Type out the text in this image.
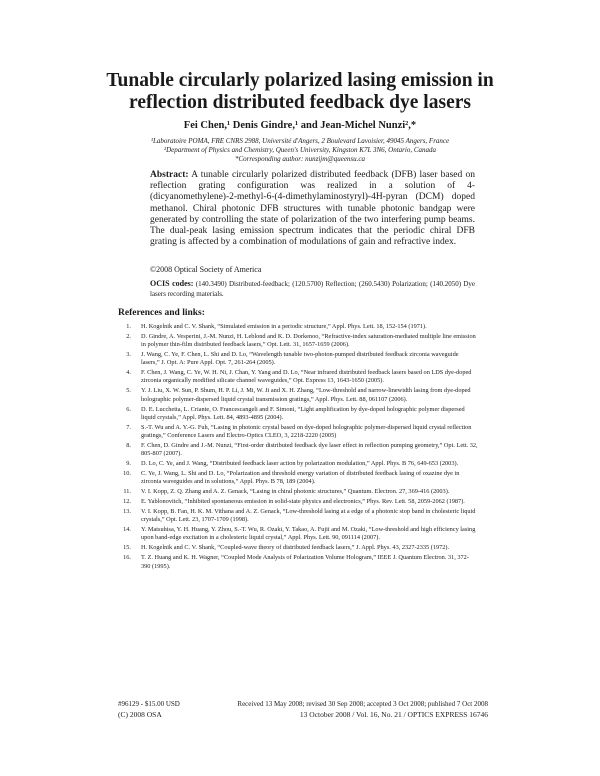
Tunable circularly polarized lasing emission in
reflection distributed feedback dye lasers
Fei Chen,¹ Denis Gindre,¹ and Jean-Michel Nunzi²,*
¹Laboratoire POMA, FRE CNRS 2988, Université d'Angers, 2 Boulevard Lavoisier, 49045 Angers, France
²Department of Physics and Chemistry, Queen's University, Kingston K7L 3N6, Ontario, Canada
*Corresponding author: nunzijm@queensu.ca
Abstract: A tunable circularly polarized distributed feedback (DFB) laser based on reflection grating configuration was realized in a solution of 4-(dicyanomethylene)-2-methyl-6-(4-dimethylaminostyryl)-4H-pyran (DCM) doped methanol. Chiral photonic DFB structures with tunable photonic bandgap were generated by controlling the state of polarization of the two interfering pump beams. The dual-peak lasing emission spectrum indicates that the periodic chiral DFB grating is affected by a combination of modulations of gain and refractive index.
©2008 Optical Society of America
OCIS codes: (140.3490) Distributed-feedback; (120.5700) Reflection; (260.5430) Polarization; (140.2050) Dye lasers recording materials.
References and links:
1.	H. Kogelnik and C. V. Shank, “Simulated emission in a periodic structure,” Appl. Phys. Lett. 18, 152-154 (1971).
2.	D. Gindre, A. Vesperini, J.-M. Nunzi, H. Leblond and K. D. Dorkenoo, “Refractive-index saturation-mediated multiple line emission in polymer thin-film distributed feedback lasers,” Opt. Lett. 31, 1657-1659 (2006).
3.	J. Wang, C. Ye, F. Chen, L. Shi and D. Lo, “Wavelength tunable two-photon-pumped distributed feedback zirconia waveguide lasers,” J. Opt. A: Pure Appl. Opt. 7, 261-264 (2005).
4.	F. Chen, J. Wang, C. Ye, W. H. Ni, J. Chan, Y. Yang and D. Lo, “Near infrared distributed feedback lasers based on LDS dye-doped zirconia organically modified silicate channel waveguides,” Opt. Express 13, 1643-1650 (2005).
5.	Y. J. Liu, X. W. Sun, P. Shum, H. P. Li, J. Mi, W. Ji and X. H. Zhang, “Low-threshold and narrow-linewidth lasing from dye-doped holographic polymer-dispersed liquid crystal transmission gratings,” Appl. Phys. Lett. 88, 061107 (2006).
6.	D. E. Lucchetta, L. Criante, O. Francescangeli and F. Simoni, “Light amplification by dye-doped holographic polymer dispersed liquid crystals,” Appl. Phys. Lett. 84, 4893-4895 (2004).
7.	S.-T. Wu and A. Y.-G. Fuh, “Lasing in photonic crystal based on dye-doped holographic polymer-dispersed liquid crystal reflection gratings,” Conference Lasers and Electro-Optics CLEO, 3, 2218-2220 (2005)
8.	F. Chen, D. Gindre and J.-M. Nunzi, “First-order distributed feedback dye laser effect in reflection pumping geometry,” Opt. Lett. 32, 805-807 (2007).
9.	D. Lo, C. Ye, and J. Wang, “Distributed feedback laser action by polarization modulation,” Appl. Phys. B 76, 649-653 (2003).
10.	C. Ye, J. Wang, L. Shi and D. Lo, “Polarization and threshold energy variation of distributed feedback lasing of oxazine dye in zirconia waveguides and in solutions,” Appl. Phys. B 78, 189 (2004).
11.	V. I. Kopp, Z. Q. Zhang and A. Z. Genack, “Lasing in chiral photonic structures,” Quantum. Electron. 27, 369-416 (2003).
12.	E. Yablonovitch, “Inhibited spontaneous emission in solid-state physics and electronics,” Phys. Rev. Lett. 58, 2059-2062 (1987).
13.	V. I. Kopp, B. Fan, H. K. M. Vithana and A. Z. Genack, “Low-threshold lasing at a edge of a photonic stop band in cholesteric liquid crystals,” Opt. Lett. 23, 1707-1709 (1998).
14.	Y. Matsuhisa, Y. H. Huang, Y. Zhou, S.-T. Wu, R. Ozaki, Y. Takao, A. Fujii and M. Ozaki, “Low-threshold and high efficiency lasing upon band-edge excitation in a cholesteric liquid crystal,” Appl. Phys. Lett. 90, 091114 (2007).
15.	H. Kogelnik and C. V. Shank, “Coupled-wave theory of distributed feedback lasers,” J. Appl. Phys. 43, 2327-2335 (1972).
16.	T. Z. Huang and K. H. Wagner, “Coupled Mode Analysis of Polarization Volume Hologram,” IEEE J. Quantum Electron. 31, 372-390 (1995).
#96129 - $15.00 USD	Received 13 May 2008; revised 30 Sep 2008; accepted 3 Oct 2008; published 7 Oct 2008
(C) 2008 OSA	13 October 2008 / Vol. 16, No. 21 / OPTICS EXPRESS 16746
